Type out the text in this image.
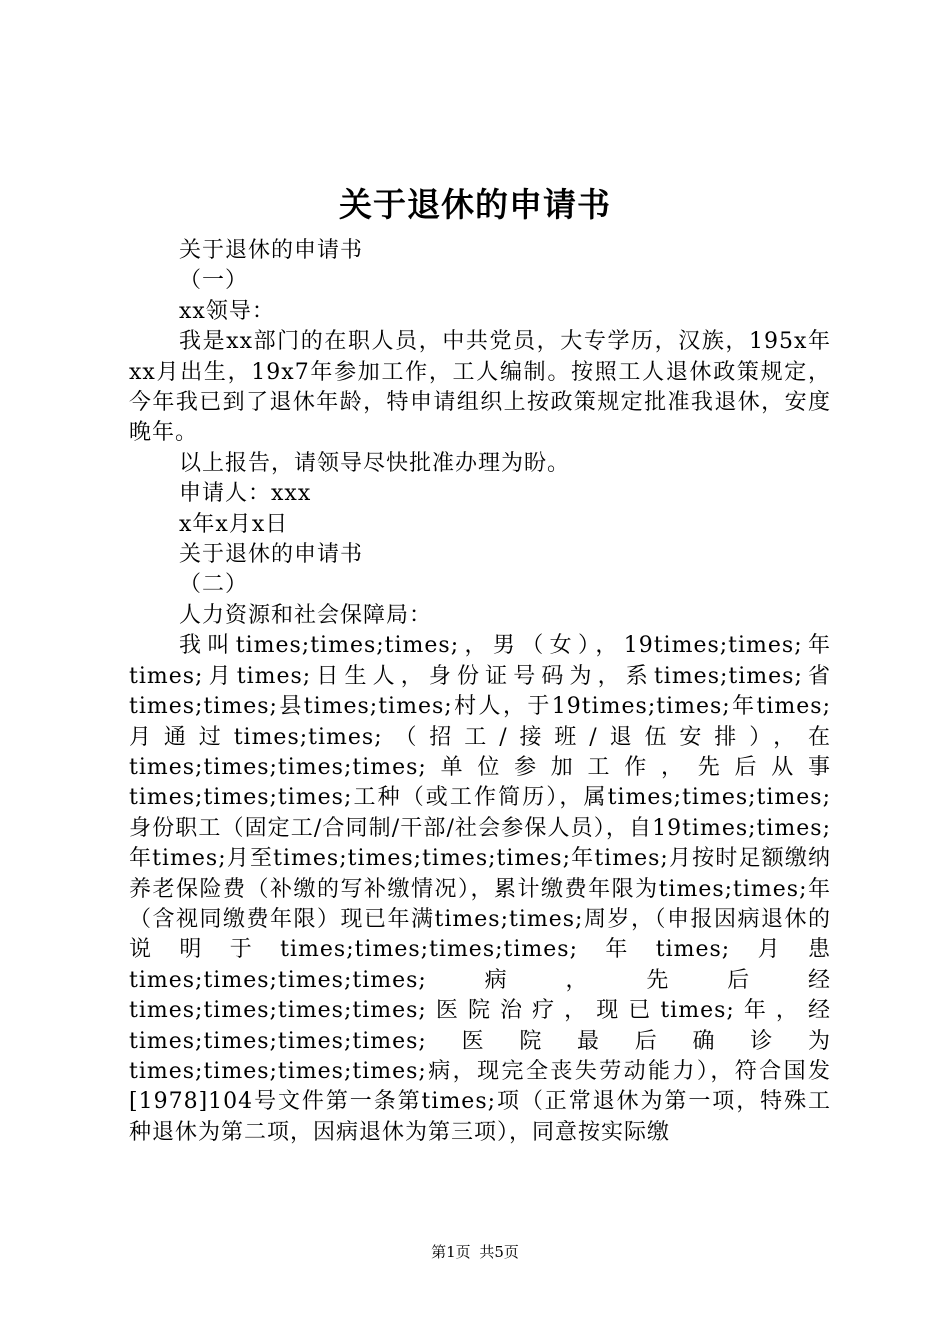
关于退休的申请书

关于退休的申请书

（一）

xx领导：

我是xx部门的在职人员，中共党员，大专学历，汉族，195x年xx月出生，19x7年参加工作，工人编制。按照工人退休政策规定，今年我已到了退休年龄，特申请组织上按政策规定批准我退休，安度晚年。

以上报告，请领导尽快批准办理为盼。

申请人：xxx

x年x月x日

关于退休的申请书

（二）

人力资源和社会保障局：

我叫times;times;times;，男（女），19times;times;年times;月times;日生人，身份证号码为，系times;times;省times;times;县times;times;村人，于19times;times;年times;月通过times;times;（招工/接班/退伍安排），在times;times;times;times;单位参加工作，先后从事times;times;times;工种（或工作简历），属times;times;times;身份职工（固定工/合同制/干部/社会参保人员），自19times;times;年times;月至times;times;times;times;年times;月按时足额缴纳养老保险费（补缴的写补缴情况），累计缴费年限为times;times;年（含视同缴费年限）现已年满times;times;周岁，（申报因病退休的说明于times;times;times;times;年times;月患times;times;times;times;病，先后经times;times;times;times;医院治疗，现已times;年，经times;times;times;times;医院最后确诊为times;times;times;times;病，现完全丧失劳动能力），符合国发[1978]104号文件第一条第times;项（正常退休为第一项，特殊工种退休为第二项，因病退休为第三项），同意按实际缴

第1页 共5页
